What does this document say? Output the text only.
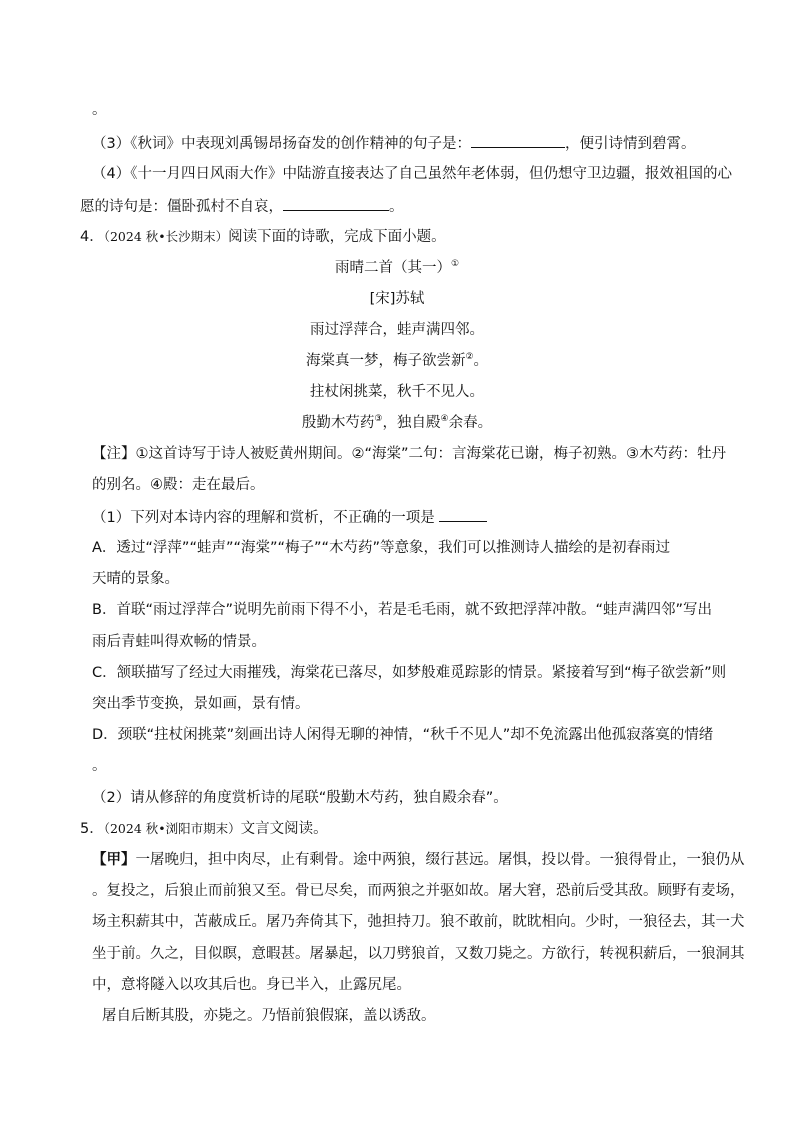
。
（3）《秋词》中表现刘禹锡昂扬奋发的创作精神的句子是：	，便引诗情到碧霄。
（4）《十一月四日风雨大作》中陆游直接表达了自己虽然年老体弱，但仍想守卫边疆，报效祖国的心
愿的诗句是：僵卧孤村不自哀，	。
4．（2024 秋•长沙期末）阅读下面的诗歌，完成下面小题。
雨晴二首（其一）①
[宋]苏轼
雨过浮萍合，蛙声满四邻。
海棠真一梦，梅子欲尝新②。
拄杖闲挑菜，秋千不见人。
殷勤木芍药③，独自殿④余春。
【注】①这首诗写于诗人被贬黄州期间。②“海棠”二句：言海棠花已谢，梅子初熟。③木芍药：牡丹
的别名。④殿：走在最后。
（1）下列对本诗内容的理解和赏析，不正确的一项是
A．透过“浮萍”“蛙声”“海棠”“梅子”“木芍药”等意象，我们可以推测诗人描绘的是初春雨过
天晴的景象。
B．首联“雨过浮萍合”说明先前雨下得不小，若是毛毛雨，就不致把浮萍冲散。“蛙声满四邻”写出
雨后青蛙叫得欢畅的情景。
C．颔联描写了经过大雨摧残，海棠花已落尽，如梦般难觅踪影的情景。紧接着写到“梅子欲尝新”则
突出季节变换，景如画，景有情。
D．颈联“拄杖闲挑菜”刻画出诗人闲得无聊的神情，“秋千不见人”却不免流露出他孤寂落寞的情绪
。
（2）请从修辞的角度赏析诗的尾联“殷勤木芍药，独自殿余春”。
5．（2024 秋•浏阳市期末）文言文阅读。
【甲】一屠晚归，担中肉尽，止有剩骨。途中两狼，缀行甚远。屠惧，投以骨。一狼得骨止，一狼仍从
。复投之，后狼止而前狼又至。骨已尽矣，而两狼之并驱如故。屠大窘，恐前后受其敌。顾野有麦场，
场主积薪其中，苫蔽成丘。屠乃奔倚其下，弛担持刀。狼不敢前，眈眈相向。少时，一狼径去，其一犬
坐于前。久之，目似瞑，意暇甚。屠暴起，以刀劈狼首，又数刀毙之。方欲行，转视积薪后，一狼洞其
中，意将隧入以攻其后也。身已半入，止露尻尾。
屠自后断其股，亦毙之。乃悟前狼假寐，盖以诱敌。
